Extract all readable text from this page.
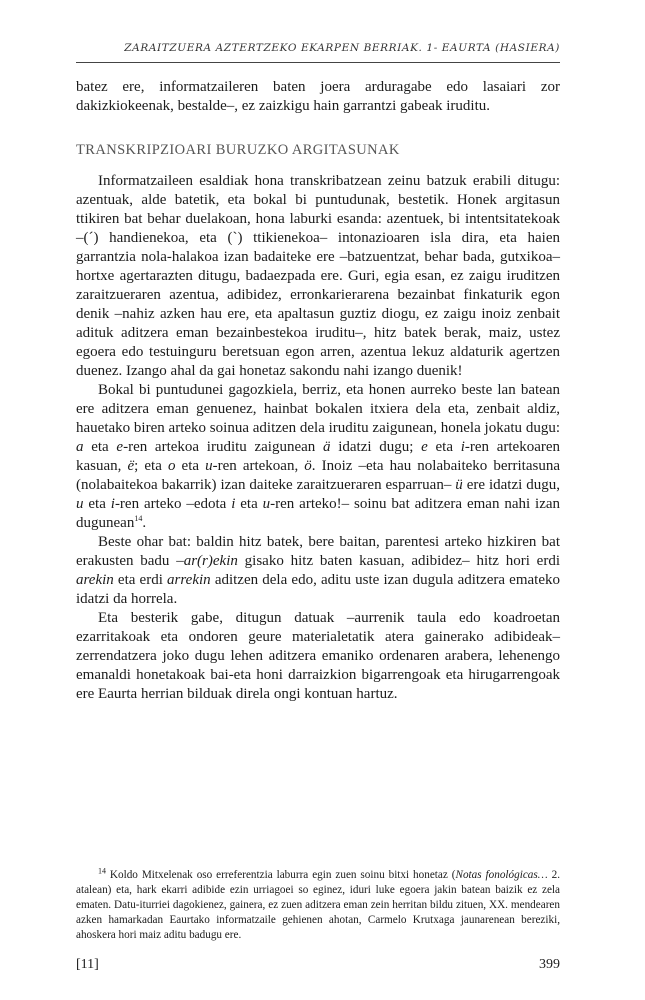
ZARAITZUERA AZTERTZEKO EKARPEN BERRIAK. 1- EAURTA (HASIERA)

batez ere, informatzaileren baten joera arduragabe edo lasaiari zor dakizkiokeenak, bestalde–, ez zaizkigu hain garrantzi gabeak iruditu.

TRANSKRIPZIOARI BURUZKO ARGITASUNAK

Informatzaileen esaldiak hona transkribatzean zeinu batzuk erabili ditugu: azentuak, alde batetik, eta bokal bi puntudunak, bestetik. Honek argitasun ttikiren bat behar duelakoan, hona laburki esanda: azentuek, bi intentsitatekoak –(´) handienekoa, eta (`) ttikienekoa– intonazioaren isla dira, eta haien garrantzia nola-halakoa izan badaiteke ere –batzuentzat, behar bada, gutxikoa– hortxe agertarazten ditugu, badaezpada ere. Guri, egia esan, ez zaigu iruditzen zaraitzueraren azentua, adibidez, erronkarierarena bezainbat finkaturik egon denik –nahiz azken hau ere, eta apaltasun guztiz diogu, ez zaigu inoiz zenbait adituk aditzera eman bezainbestekoa iruditu–, hitz batek berak, maiz, ustez egoera edo testuinguru beretsuan egon arren, azentua lekuz aldaturik agertzen duenez. Izango ahal da gai honetaz sakondu nahi izango duenik!

Bokal bi puntudunei gagozkiela, berriz, eta honen aurreko beste lan batean ere aditzera eman genuenez, hainbat bokalen itxiera dela eta, zenbait aldiz, hauetako biren arteko soinua aditzen dela iruditu zaigunean, honela jokatu dugu: a eta e-ren artekoa iruditu zaigunean ä idatzi dugu; e eta i-ren artekoaren kasuan, ë; eta o eta u-ren artekoan, ö. Inoiz –eta hau nolabaiteko berritasuna (nolabaitekoa bakarrik) izan daiteke zaraitzueraren esparruan– ü ere idatzi dugu, u eta i-ren arteko –edota i eta u-ren arteko!– soinu bat aditzera eman nahi izan dugunean$^{14}$.

Beste ohar bat: baldin hitz batek, bere baitan, parentesi arteko hizkiren bat erakusten badu –ar(r)ekin gisako hitz baten kasuan, adibidez– hitz hori erdi arekin eta erdi arrekin aditzen dela edo, aditu uste izan dugula aditzera emateko idatzi da horrela.

Eta besterik gabe, ditugun datuak –aurrenik taula edo koadroetan ezarritakoak eta ondoren geure materialetatik atera gainerako adibideak–zerrendatzera joko dugu lehen aditzera emaniko ordenaren arabera, lehenengo emanaldi honetakoak bai-eta honi darraizkion bigarrengoak eta hirugarrengoak ere Eaurta herrian bilduak direla ongi kontuan hartuz.

$^{14}$ Koldo Mitxelenak oso erreferentzia laburra egin zuen soinu bitxi honetaz (Notas fonológicas… 2. atalean) eta, hark ekarri adibide ezin urriagoei so eginez, iduri luke egoera jakin batean baizik ez zela ematen. Datu-iturriei dagokienez, gainera, ez zuen aditzera eman zein herritan bildu zituen, XX. mendearen azken hamarkadan Eaurtako informatzaile gehienen ahotan, Carmelo Krutxaga jaunarenean bereziki, ahoskera hori maiz aditu badugu ere.

[11]	399
